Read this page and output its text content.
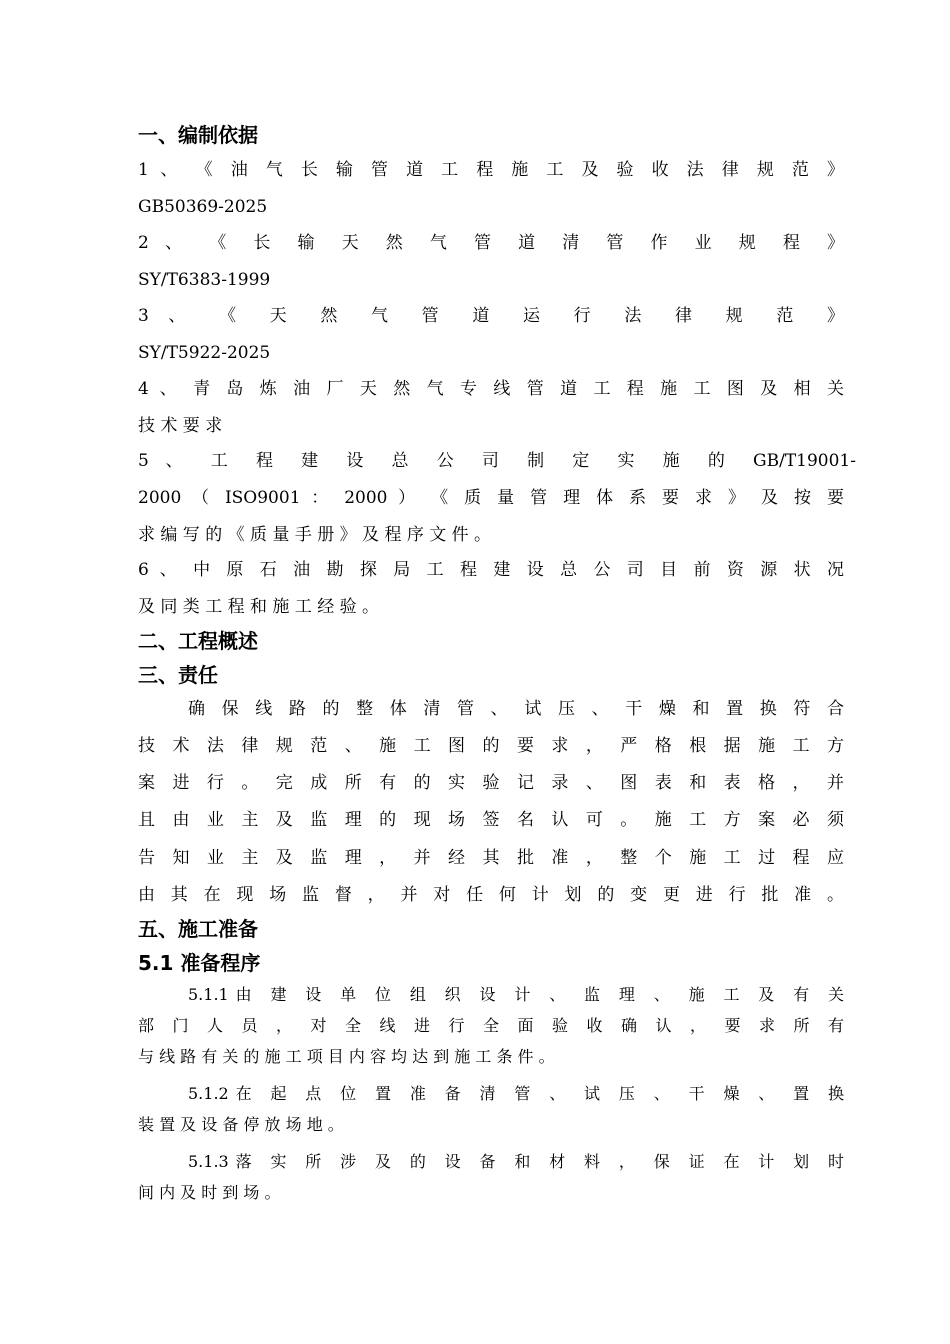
一、编制依据
1 、 《 油 气 长 输 管 道 工 程 施 工 及 验 收 法 律 规 范 》
GB50369-2025
2 、 《 长 输 天 然 气 管 道 清 管 作 业 规 程 》
SY/T6383-1999
3 、 《 天 然 气 管 道 运 行 法 律 规 范 》
SY/T5922-2025
4 、 青 岛 炼 油 厂 天 然 气 专 线 管 道 工 程 施 工 图 及 相 关
技 术 要 求
5 、 工 程 建 设 总 公 司 制 定 实 施 的 GB/T19001-
2000 （ ISO9001 ： 2000 ） 《 质 量 管 理 体 系 要 求 》 及 按 要
求 编 写 的 《 质 量 手 册 》 及 程 序 文 件 。
6 、 中 原 石 油 勘 探 局 工 程 建 设 总 公 司 目 前 资 源 状 况
及 同 类 工 程 和 施 工 经 验 。
二、工程概述
三、责任
确 保 线 路 的 整 体 清 管 、 试 压 、 干 燥 和 置 换 符 合
技 术 法 律 规 范 、 施 工 图 的 要 求 ， 严 格 根 据 施 工 方
案 进 行 。 完 成 所 有 的 实 验 记 录 、 图 表 和 表 格 ， 并
且 由 业 主 及 监 理 的 现 场 签 名 认 可 。 施 工 方 案 必 须
告 知 业 主 及 监 理 ， 并 经 其 批 准 ， 整 个 施 工 过 程 应
由 其 在 现 场 监 督 ， 并 对 任 何 计 划 的 变 更 进 行 批 准 。
五、施工准备
5.1 准备程序
5.1.1由 建 设 单 位 组 织 设 计 、 监 理 、 施 工 及 有 关
部 门 人 员 ， 对 全 线 进 行 全 面 验 收 确 认 ， 要 求 所 有
与 线 路 有 关 的 施 工 项 目 内 容 均 达 到 施 工 条 件 。
5.1.2在 起 点 位 置 准 备 清 管 、 试 压 、 干 燥 、 置 换
装 置 及 设 备 停 放 场 地 。
5.1.3落 实 所 涉 及 的 设 备 和 材 料 ， 保 证 在 计 划 时
间 内 及 时 到 场 。
